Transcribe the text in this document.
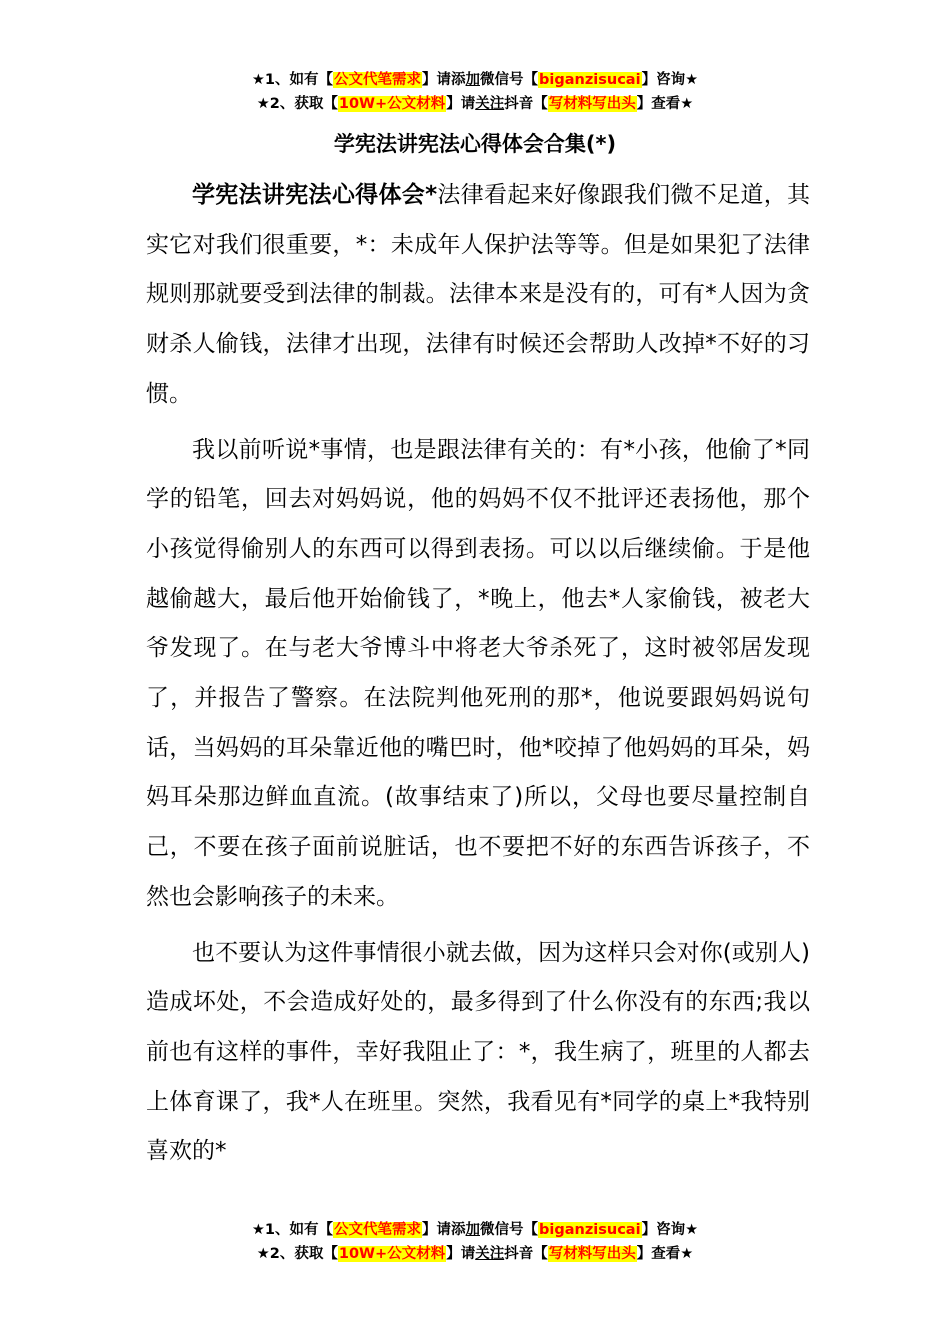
★1、如有【公文代笔需求】请添加微信号【biganzisucai】咨询★
★2、获取【10W+公文材料】请关注抖音【写材料写出头】查看★
学宪法讲宪法心得体会合集(*)

学宪法讲宪法心得体会*法律看起来好像跟我们微不足道，其实它对我们很重要，*：未成年人保护法等等。但是如果犯了法律规则那就要受到法律的制裁。法律本来是没有的，可有*人因为贪财杀人偷钱，法律才出现，法律有时候还会帮助人改掉*不好的习惯。

我以前听说*事情，也是跟法律有关的：有*小孩，他偷了*同学的铅笔，回去对妈妈说，他的妈妈不仅不批评还表扬他，那个小孩觉得偷别人的东西可以得到表扬。可以以后继续偷。于是他越偷越大，最后他开始偷钱了，*晚上，他去*人家偷钱，被老大爷发现了。在与老大爷博斗中将老大爷杀死了，这时被邻居发现了，并报告了警察。在法院判他死刑的那*，他说要跟妈妈说句话，当妈妈的耳朵靠近他的嘴巴时，他*咬掉了他妈妈的耳朵，妈妈耳朵那边鲜血直流。(故事结束了)所以，父母也要尽量控制自己，不要在孩子面前说脏话，也不要把不好的东西告诉孩子，不然也会影响孩子的未来。

也不要认为这件事情很小就去做，因为这样只会对你(或别人)造成坏处，不会造成好处的，最多得到了什么你没有的东西;我以前也有这样的事件，幸好我阻止了：*，我生病了，班里的人都去上体育课了，我*人在班里。突然，我看见有*同学的桌上*我特别喜欢的*

★1、如有【公文代笔需求】请添加微信号【biganzisucai】咨询★
★2、获取【10W+公文材料】请关注抖音【写材料写出头】查看★
